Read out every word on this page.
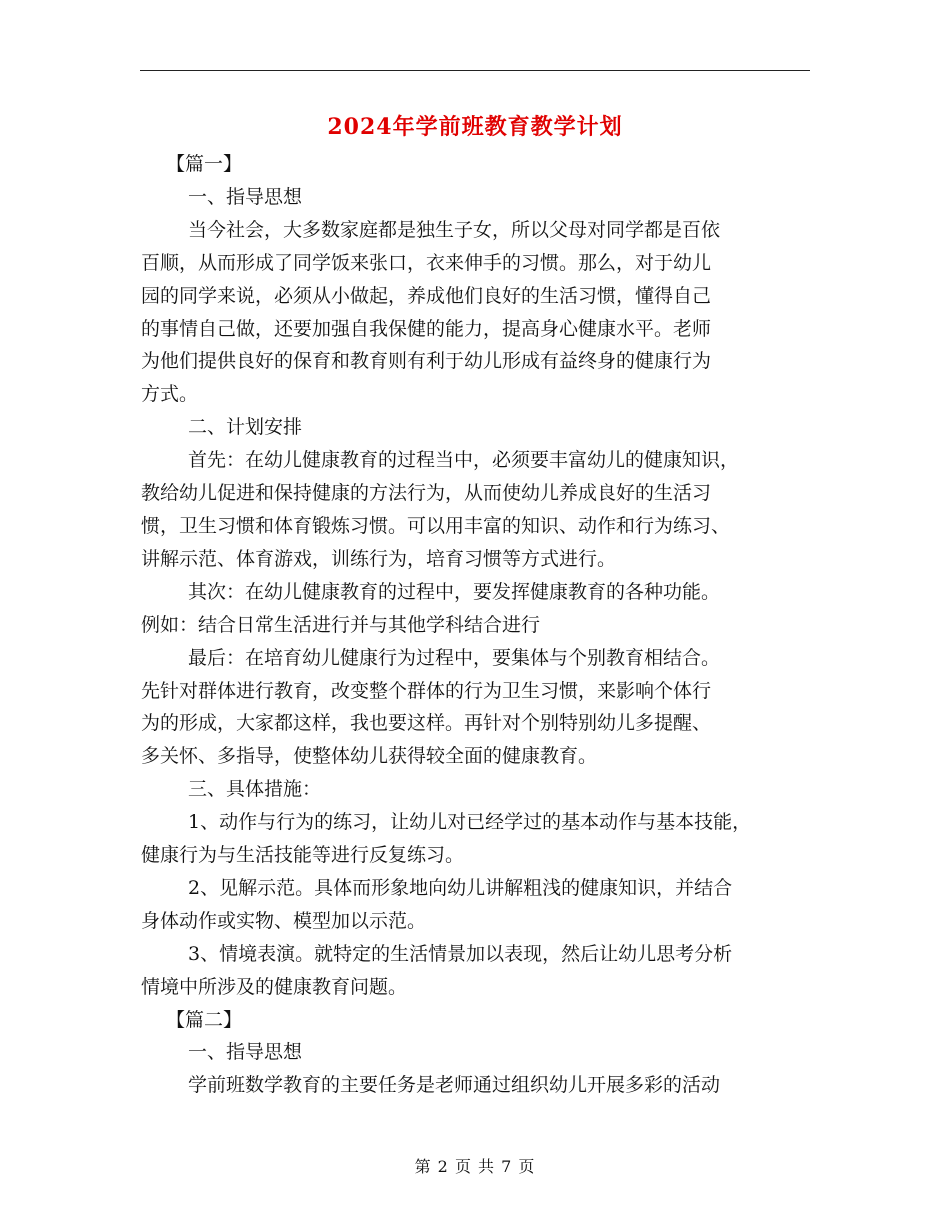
2024年学前班教育教学计划
【篇一】
一、指导思想
当今社会，大多数家庭都是独生子女，所以父母对同学都是百依
百顺，从而形成了同学饭来张口，衣来伸手的习惯。那么，对于幼儿
园的同学来说，必须从小做起，养成他们良好的生活习惯，懂得自己
的事情自己做，还要加强自我保健的能力，提高身心健康水平。老师
为他们提供良好的保育和教育则有利于幼儿形成有益终身的健康行为
方式。
二、计划安排
首先：在幼儿健康教育的过程当中，必须要丰富幼儿的健康知识，
教给幼儿促进和保持健康的方法行为，从而使幼儿养成良好的生活习
惯，卫生习惯和体育锻炼习惯。可以用丰富的知识、动作和行为练习、
讲解示范、体育游戏，训练行为，培育习惯等方式进行。
其次：在幼儿健康教育的过程中，要发挥健康教育的各种功能。
例如：结合日常生活进行并与其他学科结合进行
最后：在培育幼儿健康行为过程中，要集体与个别教育相结合。
先针对群体进行教育，改变整个群体的行为卫生习惯，来影响个体行
为的形成，大家都这样，我也要这样。再针对个别特别幼儿多提醒、
多关怀、多指导，使整体幼儿获得较全面的健康教育。
三、具体措施：
1、动作与行为的练习，让幼儿对已经学过的基本动作与基本技能，
健康行为与生活技能等进行反复练习。
2、见解示范。具体而形象地向幼儿讲解粗浅的健康知识，并结合
身体动作或实物、模型加以示范。
3、情境表演。就特定的生活情景加以表现，然后让幼儿思考分析
情境中所涉及的健康教育问题。
【篇二】
一、指导思想
学前班数学教育的主要任务是老师通过组织幼儿开展多彩的活动
第 2 页 共 7 页
